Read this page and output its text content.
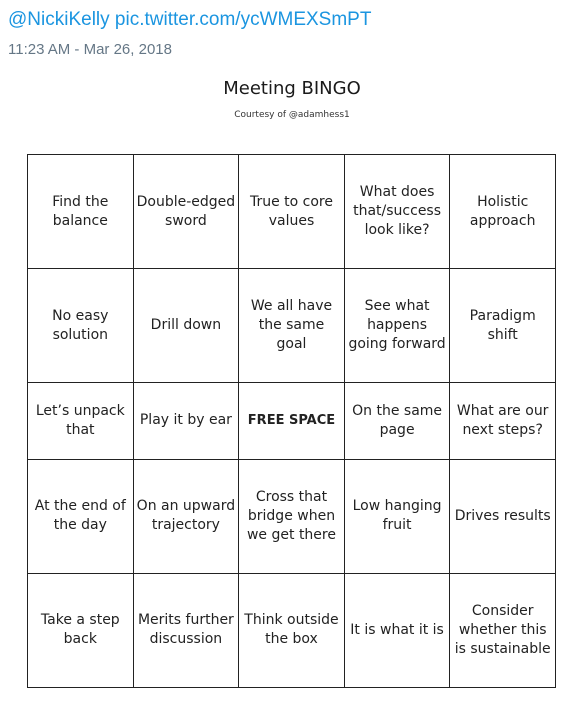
@NickiKelly pic.twitter.com/ycWMEXSmPT
11:23 AM - Mar 26, 2018
Meeting BINGO
Courtesy of @adamhess1
Find the balance	Double-edged sword	True to core values	What does that/success look like?	Holistic approach
No easy solution	Drill down	We all have the same goal	See what happens going forward	Paradigm shift
Let’s unpack that	Play it by ear	FREE SPACE	On the same page	What are our next steps?
At the end of the day	On an upward trajectory	Cross that bridge when we get there	Low hanging fruit	Drives results
Take a step back	Merits further discussion	Think outside the box	It is what it is	Consider whether this is sustainable
